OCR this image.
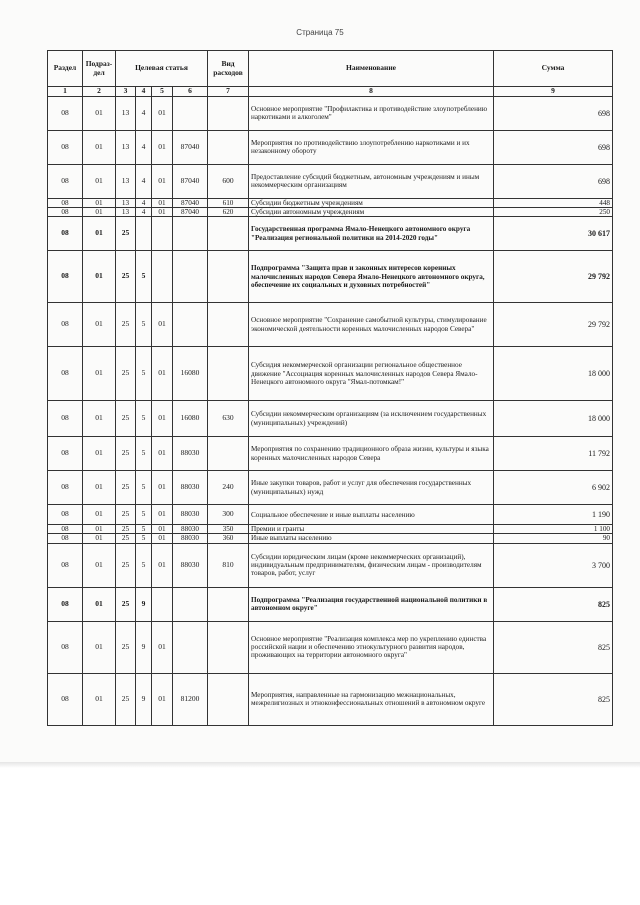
Страница 75
Раздел	Подраз-дел	Целевая статья				Вид расходов	Наименование	Сумма
1	2	3	4	5	6	7	8	9
08	01	13	4	01			Основное мероприятие "Профилактика и противодействие злоупотреблению наркотиками и алкоголем"	698
08	01	13	4	01	87040		Мероприятия по противодействию злоупотреблению наркотиками и их незаконному обороту	698
08	01	13	4	01	87040	600	Предоставление субсидий бюджетным, автономным учреждениям и иным некоммерческим организациям	698
08	01	13	4	01	87040	610	Субсидии бюджетным учреждениям	448
08	01	13	4	01	87040	620	Субсидии автономным учреждениям	250
08	01	25					Государственная программа Ямало-Ненецкого автономного округа "Реализация региональной политики на 2014-2020 годы"	30 617
08	01	25	5				Подпрограмма "Защита прав и законных интересов коренных малочисленных народов Севера Ямало-Ненецкого автономного округа, обеспечение их социальных и духовных потребностей"	29 792
08	01	25	5	01			Основное мероприятие "Сохранение самобытной культуры, стимулирование экономической деятельности коренных малочисленных народов Севера"	29 792
08	01	25	5	01	16080		Субсидия некоммерческой организации региональное общественное движение "Ассоциация коренных малочисленных народов Севера Ямало-Ненецкого автономного округа "Ямал-потомкам!"	18 000
08	01	25	5	01	16080	630	Субсидии некоммерческим организациям (за исключением государственных (муниципальных) учреждений)	18 000
08	01	25	5	01	88030		Мероприятия по сохранению традиционного образа жизни, культуры и языка коренных малочисленных народов Севера	11 792
08	01	25	5	01	88030	240	Иные закупки товаров, работ и услуг для обеспечения государственных (муниципальных) нужд	6 902
08	01	25	5	01	88030	300	Социальное обеспечение и иные выплаты населению	1 190
08	01	25	5	01	88030	350	Премии и гранты	1 100
08	01	25	5	01	88030	360	Иные выплаты населению	90
08	01	25	5	01	88030	810	Субсидии юридическим лицам (кроме некоммерческих организаций), индивидуальным предпринимателям, физическим лицам - производителям товаров, работ, услуг	3 700
08	01	25	9				Подпрограмма "Реализация государственной национальной политики в автономном округе"	825
08	01	25	9	01			Основное мероприятие "Реализация комплекса мер по укреплению единства российской нации и обеспечению этнокультурного развития народов, проживающих на территории автономного округа"	825
08	01	25	9	01	81200		Мероприятия, направленные на гармонизацию межнациональных, межрелигиозных и этноконфессиональных отношений в автономном округе	825
